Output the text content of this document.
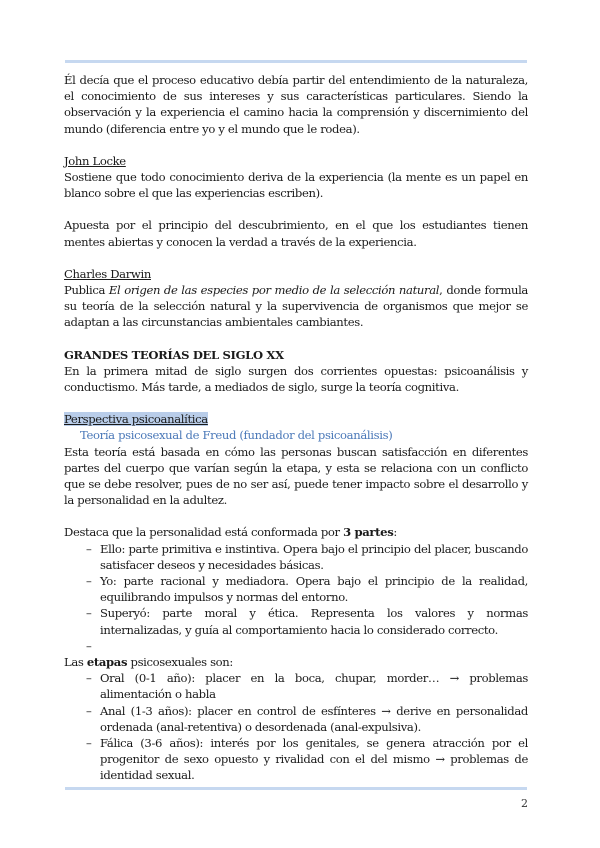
Él decía que el proceso educativo debía partir del entendimiento de la naturaleza, el conocimiento de sus intereses y sus características particulares. Siendo la observación y la experiencia el camino hacia la comprensión y discernimiento del mundo (diferencia entre yo y el mundo que le rodea).

John Locke

Sostiene que todo conocimiento deriva de la experiencia (la mente es un papel en blanco sobre el que las experiencias escriben).

Apuesta por el principio del descubrimiento, en el que los estudiantes tienen mentes abiertas y conocen la verdad a través de la experiencia.

Charles Darwin

Publica El origen de las especies por medio de la selección natural, donde formula su teoría de la selección natural y la supervivencia de organismos que mejor se adaptan a las circunstancias ambientales cambiantes.

GRANDES TEORÍAS DEL SIGLO XX

En la primera mitad de siglo surgen dos corrientes opuestas: psicoanálisis y conductismo. Más tarde, a mediados de siglo, surge la teoría cognitiva.

Perspectiva psicoanalítica

Teoría psicosexual de Freud (fundador del psicoanálisis)

Esta teoría está basada en cómo las personas buscan satisfacción en diferentes partes del cuerpo que varían según la etapa, y esta se relaciona con un conflicto que se debe resolver, pues de no ser así, puede tener impacto sobre el desarrollo y la personalidad en la adultez.

Destaca que la personalidad está conformada por 3 partes:

– Ello: parte primitiva e instintiva. Opera bajo el principio del placer, buscando satisfacer deseos y necesidades básicas.
– Yo: parte racional y mediadora. Opera bajo el principio de la realidad, equilibrando impulsos y normas del entorno.
– Superyó: parte moral y ética. Representa los valores y normas internalizadas, y guía al comportamiento hacia lo considerado correcto.
–

Las etapas psicosexuales son:

– Oral (0-1 año): placer en la boca, chupar, morder… → problemas alimentación o habla
– Anal (1-3 años): placer en control de esfínteres → derive en personalidad ordenada (anal-retentiva) o desordenada (anal-expulsiva).
– Fálica (3-6 años): interés por los genitales, se genera atracción por el progenitor de sexo opuesto y rivalidad con el del mismo → problemas de identidad sexual.
2
